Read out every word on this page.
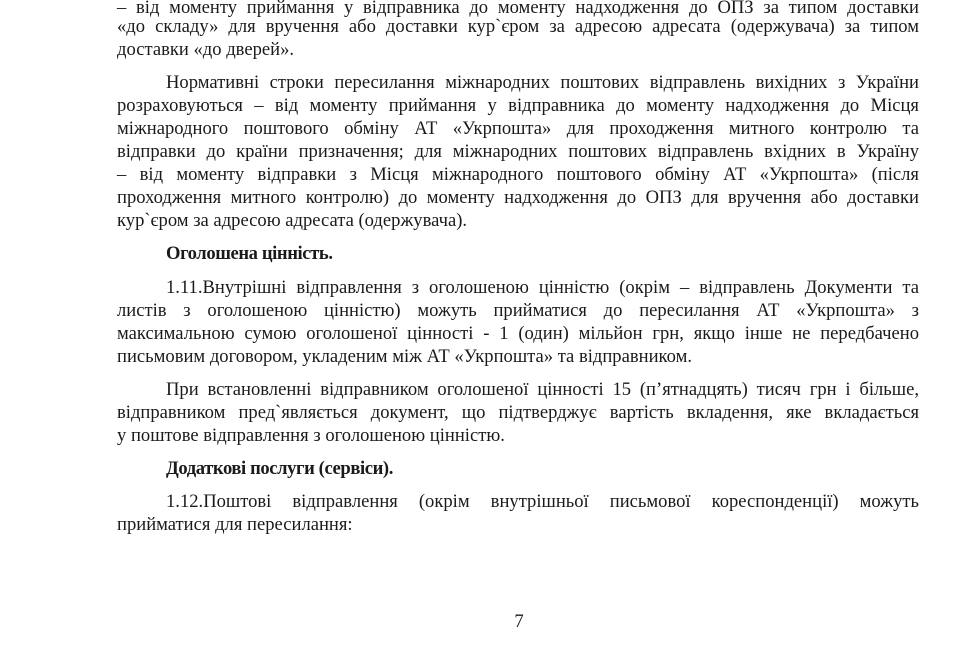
– від моменту приймання у відправника до моменту надходження до ОПЗ за типом доставки
«до складу» для вручення або доставки кур`єром за адресою адресата (одержувача) за типом
доставки «до дверей».
Нормативні строки пересилання міжнародних поштових відправлень вихідних з України
розраховуються – від моменту приймання у відправника до моменту надходження до Місця
міжнародного поштового обміну АТ «Укрпошта» для проходження митного контролю та
відправки до країни призначення; для міжнародних поштових відправлень вхідних в Україну
– від моменту відправки з Місця міжнародного поштового обміну АТ «Укрпошта» (після
проходження митного контролю) до моменту надходження до ОПЗ для вручення або доставки
кур`єром за адресою адресата (одержувача).
Оголошена цінність.
1.11.Внутрішні відправлення з оголошеною цінністю (окрім – відправлень Документи та
листів з оголошеною цінністю) можуть прийматися до пересилання АТ «Укрпошта» з
максимальною сумою оголошеної цінності - 1 (один) мільйон грн, якщо інше не передбачено
письмовим договором, укладеним між АТ «Укрпошта» та відправником.
При встановленні відправником оголошеної цінності 15 (п’ятнадцять) тисяч грн і більше,
відправником пред`являється документ, що підтверджує вартість вкладення, яке вкладається
у поштове відправлення з оголошеною цінністю.
Додаткові послуги (сервіси).
1.12.Поштові відправлення (окрім внутрішньої письмової кореспонденції) можуть
прийматися для пересилання:
7
